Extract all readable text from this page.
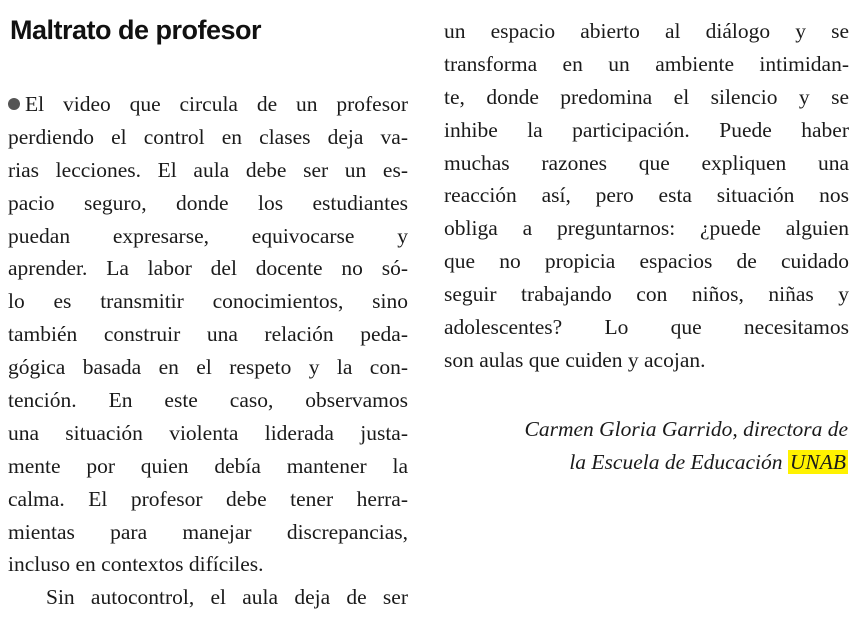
Maltrato de profesor
El video que circula de un profesor
perdiendo el control en clases deja va-
rias lecciones. El aula debe ser un es-
pacio seguro, donde los estudiantes
puedan expresarse, equivocarse y
aprender. La labor del docente no só-
lo es transmitir conocimientos, sino
también construir una relación peda-
gógica basada en el respeto y la con-
tención. En este caso, observamos
una situación violenta liderada justa-
mente por quien debía mantener la
calma. El profesor debe tener herra-
mientas para manejar discrepancias,
incluso en contextos difíciles.
Sin autocontrol, el aula deja de ser
un espacio abierto al diálogo y se
transforma en un ambiente intimidan-
te, donde predomina el silencio y se
inhibe la participación. Puede haber
muchas razones que expliquen una
reacción así, pero esta situación nos
obliga a preguntarnos: ¿puede alguien
que no propicia espacios de cuidado
seguir trabajando con niños, niñas y
adolescentes? Lo que necesitamos
son aulas que cuiden y acojan.
Carmen Gloria Garrido, directora de
la Escuela de Educación UNAB
